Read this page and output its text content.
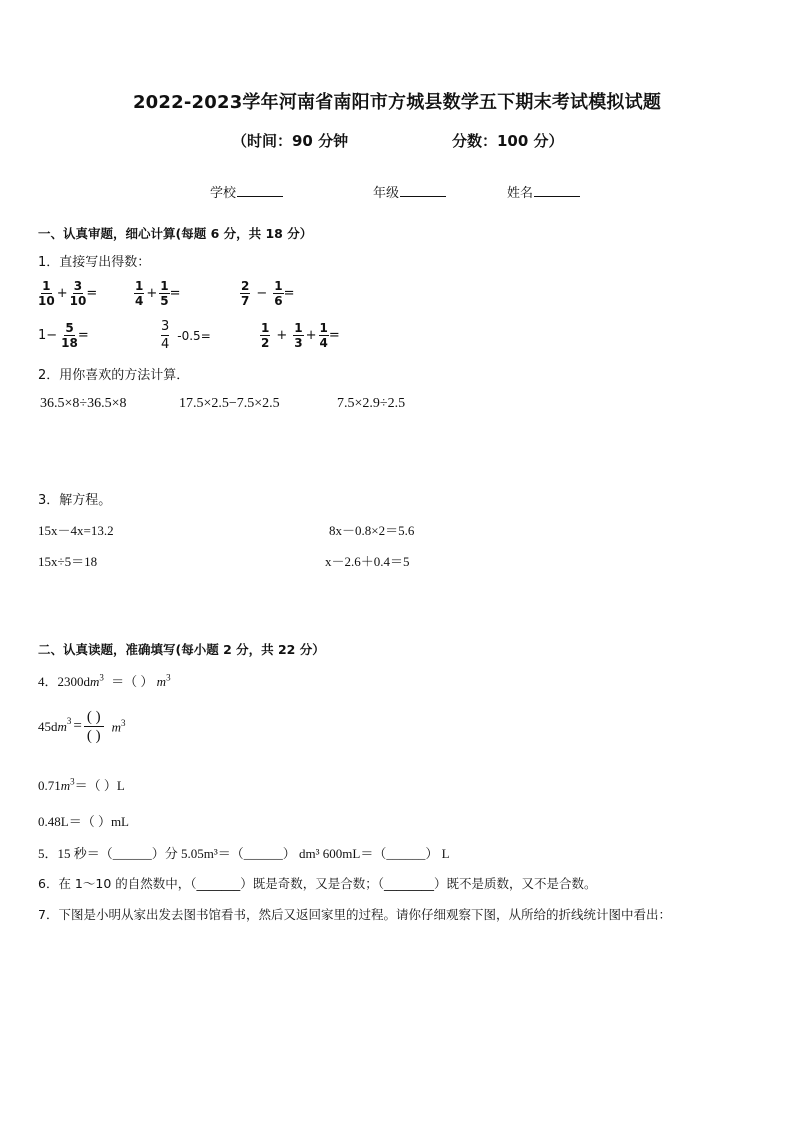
2022-2023学年河南省南阳市方城县数学五下期末考试模拟试题
（时间：90 分钟	分数：100 分）
学校	年级	姓名
一、认真审题，细心计算(每题 6 分，共 18 分）
1．直接写出得数：
$\frac{1}{10} + \frac{3}{10}$ =	$\frac{1}{4} + \frac{1}{5}$ =	$\frac{2}{7} - \frac{1}{6}$ =
$1- \frac{5}{18}$ =	$\frac{3}{4} -0.5=$	$\frac{1}{2} + \frac{1}{3} + \frac{1}{4}$ =
2．用你喜欢的方法计算．
36.5×8÷36.5×8	17.5×2.5−7.5×2.5	7.5×2.9÷2.5
3．解方程。
15x－4x=13.2	8x－0.8×2＝5.6
15x÷5＝18	x－2.6＋0.4＝5
二、认真读题，准确填写(每小题 2 分，共 22 分）
4．$2300dm^3$ ＝（ ） $m^3$
45d $m^3$ =
( )
( )
$m^3$
$0.71m^3=$（ ）L
0.48L＝（ ）mL
5．15 秒＝（______）分 5.05m³＝（______） dm³ 600mL＝（______） L
6．在 1～10 的自然数中，（_______）既是奇数，又是合数；（________）既不是质数，又不是合数。
7．下图是小明从家出发去图书馆看书，然后又返回家里的过程。请你仔细观察下图，从所给的折线统计图中看出：
